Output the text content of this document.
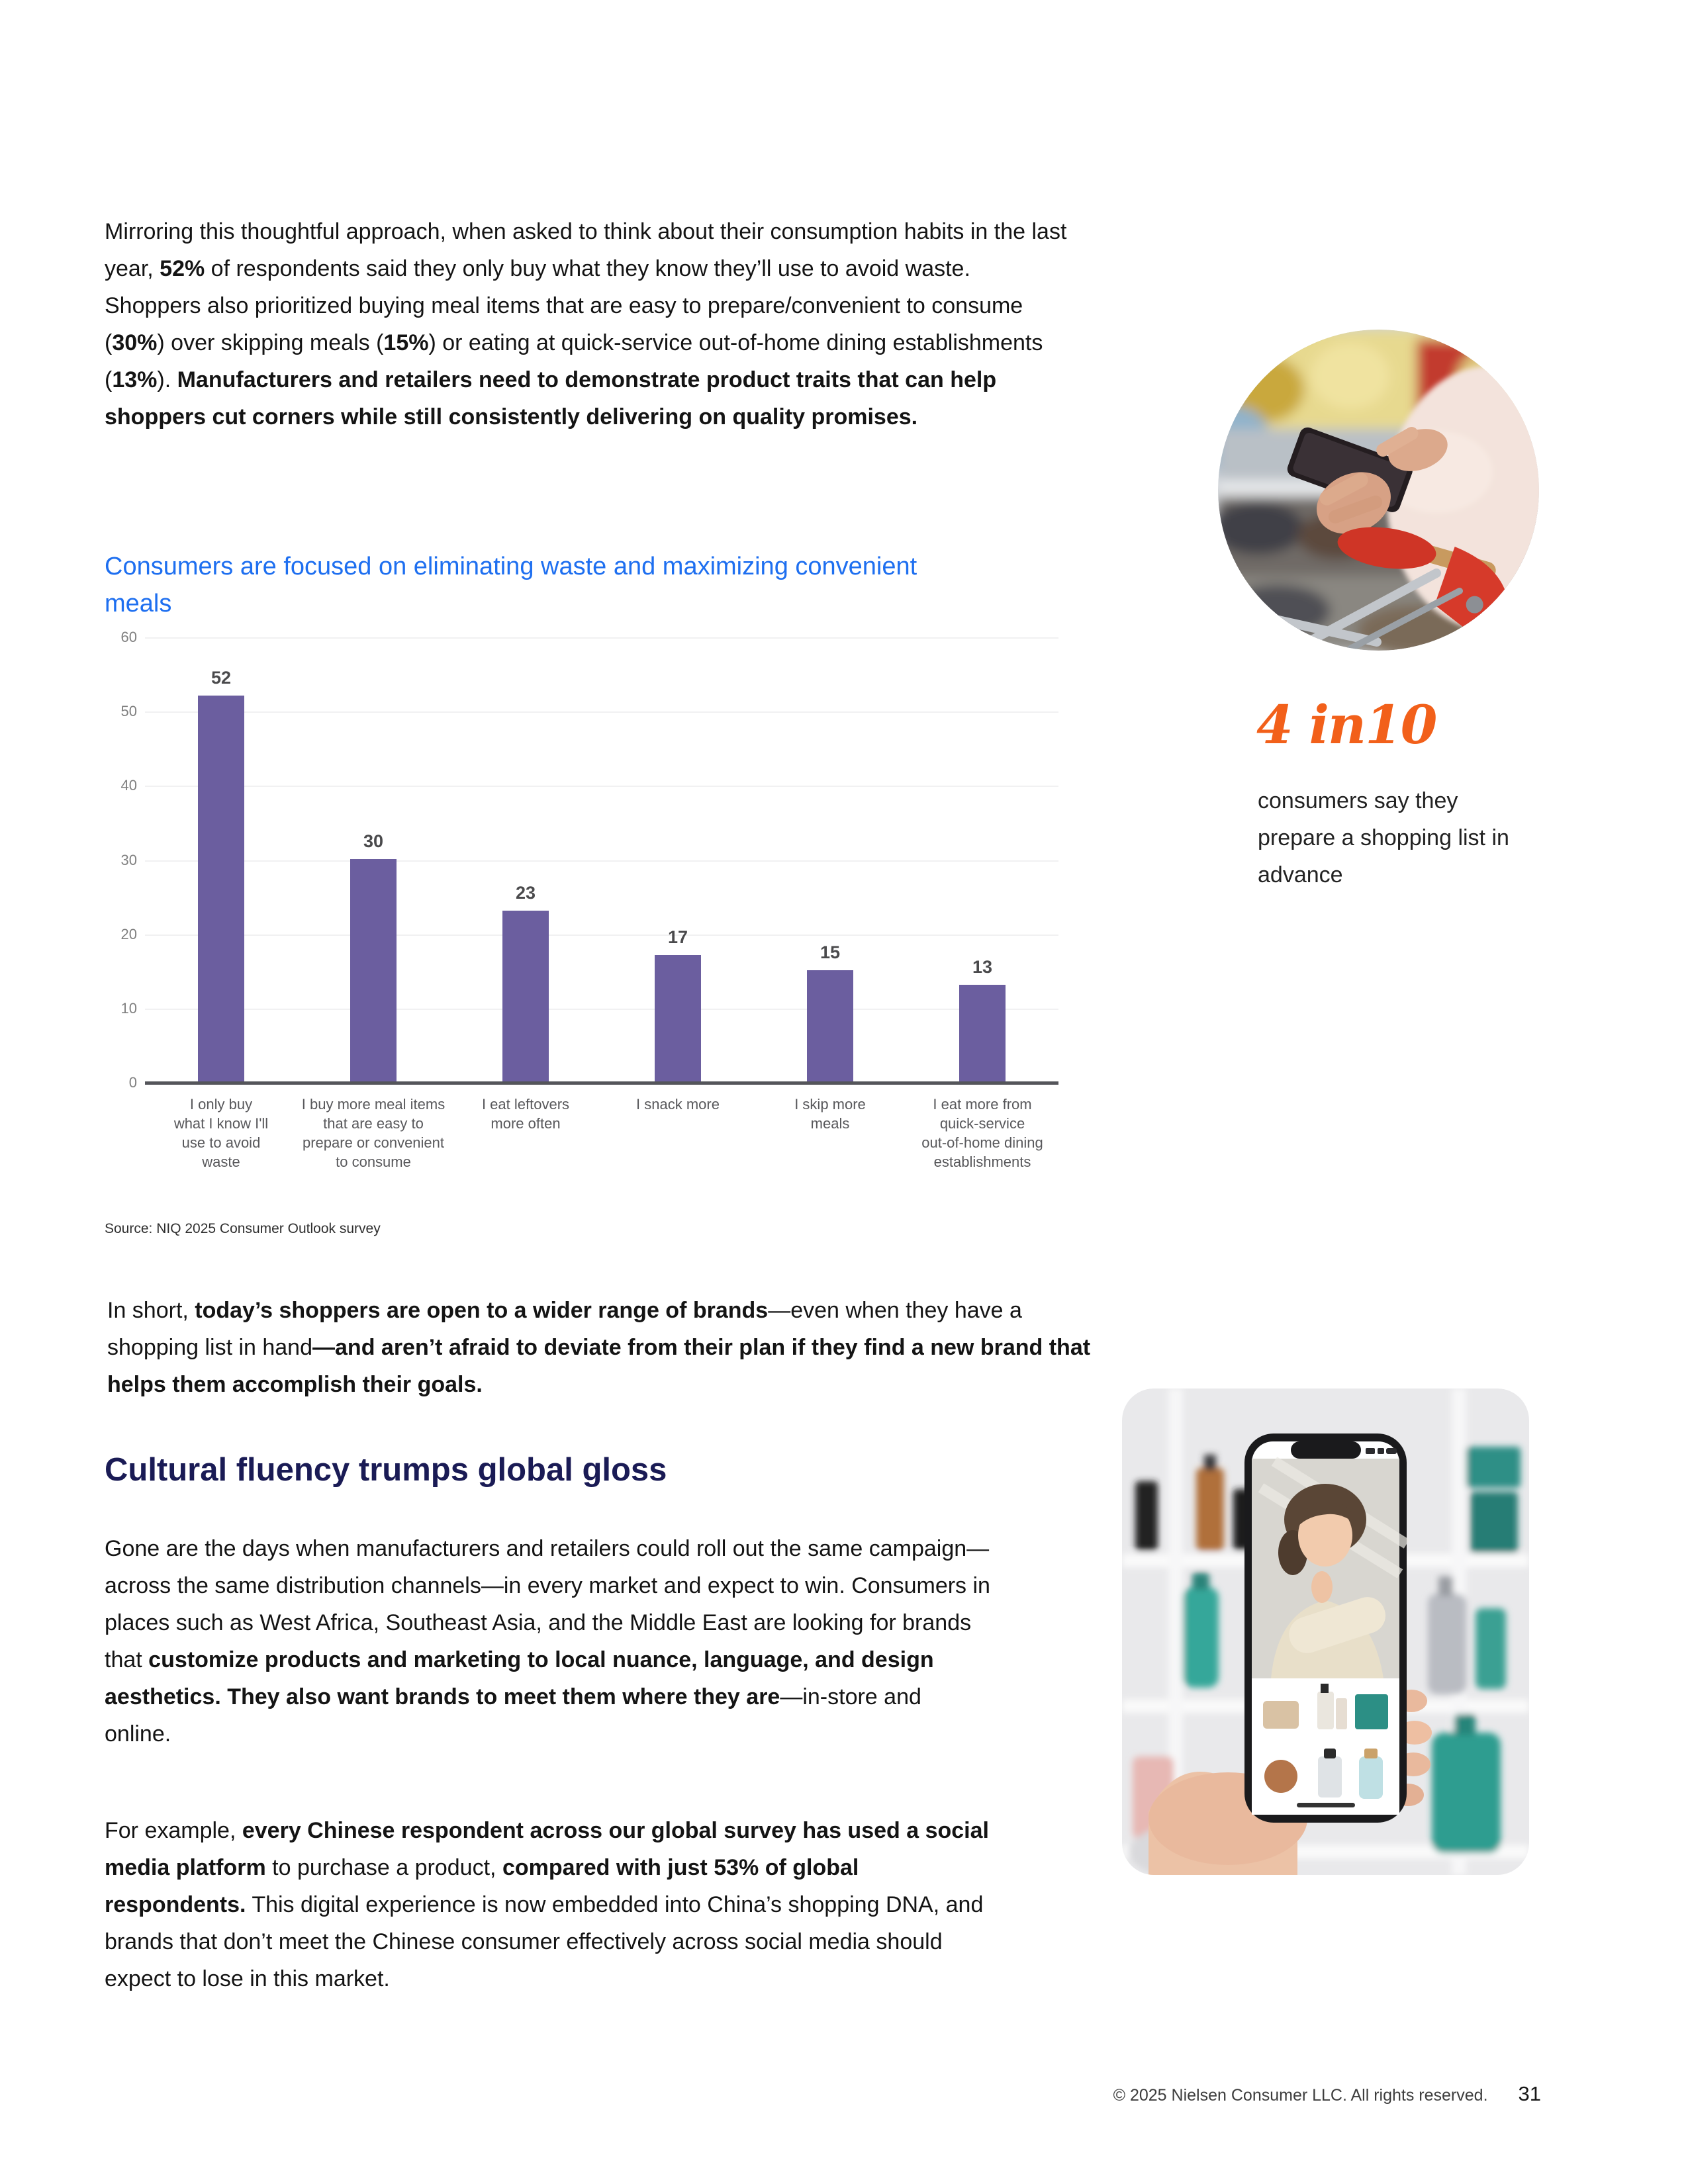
Mirroring this thoughtful approach, when asked to think about their consumption habits in the last year, 52% of respondents said they only buy what they know they’ll use to avoid waste. Shoppers also prioritized buying meal items that are easy to prepare/convenient to consume (30%) over skipping meals (15%) or eating at quick-service out-of-home dining establishments (13%). Manufacturers and retailers need to demonstrate product traits that can help shoppers cut corners while still consistently delivering on quality promises.
Consumers are focused on eliminating waste and maximizing convenient meals
0
10
20
30
40
50
60
52
I only buy
what I know I'll
use to avoid
waste
30
I buy more meal items
that are easy to
prepare or convenient
to consume
23
I eat leftovers
more often
17
I snack more
15
I skip more
meals
13
I eat more from
quick-service
out-of-home dining
establishments
Source: NIQ 2025 Consumer Outlook survey
In short, today’s shoppers are open to a wider range of brands—even when they have a shopping list in hand—and aren’t afraid to deviate from their plan if they find a new brand that helps them accomplish their goals.
Cultural fluency trumps global gloss
Gone are the days when manufacturers and retailers could roll out the same campaign—across the same distribution channels—in every market and expect to win. Consumers in places such as West Africa, Southeast Asia, and the Middle East are looking for brands that customize products and marketing to local nuance, language, and design aesthetics. They also want brands to meet them where they are—in-store and online.
For example, every Chinese respondent across our global survey has used a social media platform to purchase a product, compared with just 53% of global respondents. This digital experience is now embedded into China’s shopping DNA, and brands that don’t meet the Chinese consumer effectively across social media should expect to lose in this market.
4 in10
consumers say they prepare a shopping list in advance
© 2025 Nielsen Consumer LLC. All rights reserved. 31
